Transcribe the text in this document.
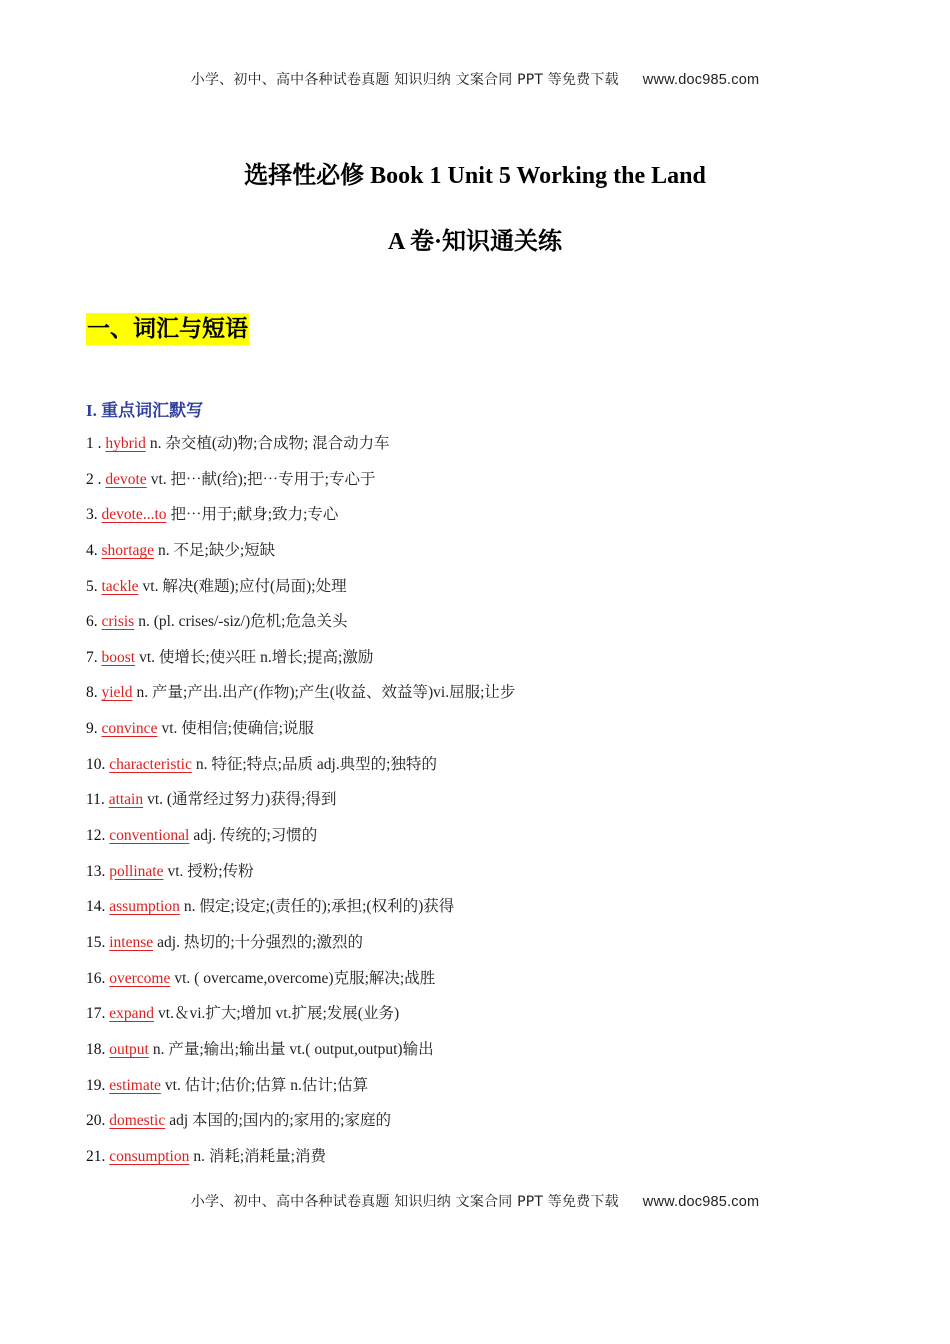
小学、初中、高中各种试卷真题 知识归纳 文案合同 PPT 等免费下载 www.doc985.com
选择性必修 Book 1 Unit 5 Working the Land
A 卷·知识通关练
一、词汇与短语
I. 重点词汇默写
1 . hybrid n. 杂交植(动)物;合成物; 混合动力车
2 . devote vt. 把⋯献(给);把⋯专用于;专心于
3. devote...to 把⋯用于;献身;致力;专心
4. shortage n. 不足;缺少;短缺
5. tackle vt. 解决(难题);应付(局面);处理
6. crisis n. (pl. crises/-siz/)危机;危急关头
7. boost vt. 使增长;使兴旺 n.增长;提高;激励
8. yield n. 产量;产出.出产(作物);产生(收益、效益等)vi.屈服;让步
9. convince vt. 使相信;使确信;说服
10. characteristic n. 特征;特点;品质 adj.典型的;独特的
11. attain vt. (通常经过努力)获得;得到
12. conventional adj. 传统的;习惯的
13. pollinate vt. 授粉;传粉
14. assumption n. 假定;设定;(责任的);承担;(权利的)获得
15. intense adj. 热切的;十分强烈的;激烈的
16. overcome vt. ( overcame,overcome)克服;解决;战胜
17. expand vt.＆vi.扩大;增加 vt.扩展;发展(业务)
18. output n. 产量;输出;输出量 vt.( output,output)输出
19. estimate vt. 估计;估价;估算 n.估计;估算
20. domestic adj 本国的;国内的;家用的;家庭的
21. consumption n. 消耗;消耗量;消费
小学、初中、高中各种试卷真题 知识归纳 文案合同 PPT 等免费下载 www.doc985.com
